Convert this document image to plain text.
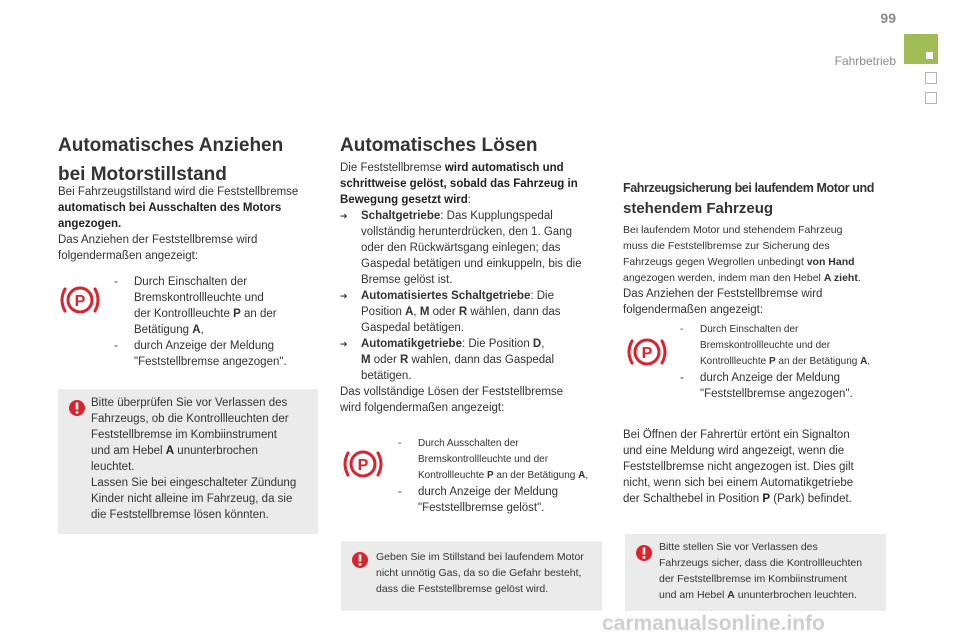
99
Fahrbetrieb
Automatisches Anziehen
bei Motorstillstand

Bei Fahrzeugstillstand wird die Feststellbremse

automatisch bei Ausschalten des Motors

angezogen.

Das Anziehen der Feststellbremse wird

folgendermaßen angezeigt:

P
-	Durch Einschalten der
Bremskontrollleuchte und
der Kontrollleuchte P an der
Betätigung A,
-	durch Anzeige der Meldung
"Feststellbremse angezogen".

Bitte überprüfen Sie vor Verlassen des

Fahrzeugs, ob die Kontrollleuchten der

Feststellbremse im Kombiinstrument

und am Hebel A ununterbrochen

leuchtet.

Lassen Sie bei eingeschalteter Zündung

Kinder nicht alleine im Fahrzeug, da sie

die Feststellbremse lösen könnten.

Automatisches Lösen

Die Feststellbremse wird automatisch und

schrittweise gelöst, sobald das Fahrzeug in

Bewegung gesetzt wird:

➔	Schaltgetriebe: Das Kupplungspedal
vollständig herunterdrücken, den 1. Gang
oder den Rückwärtsgang einlegen; das
Gaspedal betätigen und einkuppeln, bis die
Bremse gelöst ist.
➔	Automatisiertes Schaltgetriebe: Die
Position A, M oder R wählen, dann das
Gaspedal betätigen.
➔	Automatikgetriebe: Die Position D,
M oder R wahlen, dann das Gaspedal
betätigen.

Das vollständige Lösen der Feststellbremse

wird folgendermaßen angezeigt:

P
-	Durch Ausschalten der
Bremskontrollleuchte und der
Kontrollleuchte P an der Betätigung A,
-	durch Anzeige der Meldung
"Feststellbremse gelöst".

Geben Sie im Stillstand bei laufendem Motor

nicht unnötig Gas, da so die Gefahr besteht,

dass die Feststellbremse gelöst wird.

Fahrzeugsicherung bei laufendem Motor und
stehendem Fahrzeug

Bei laufendem Motor und stehendem Fahrzeug

muss die Feststellbremse zur Sicherung des

Fahrzeugs gegen Wegrollen unbedingt von Hand

angezogen werden, indem man den Hebel A zieht.

Das Anziehen der Feststellbremse wird

folgendermaßen angezeigt:

P
-	Durch Einschalten der
Bremskontrollleuchte und der
Kontrollleuchte P an der Betätigung A,
-	durch Anzeige der Meldung
"Feststellbremse angezogen".

Bei Öffnen der Fahrertür ertönt ein Signalton

und eine Meldung wird angezeigt, wenn die

Feststellbremse nicht angezogen ist. Dies gilt

nicht, wenn sich bei einem Automatikgetriebe

der Schalthebel in Position P (Park) befindet.

Bitte stellen Sie vor Verlassen des

Fahrzeugs sicher, dass die Kontrollleuchten

der Feststellbremse im Kombiinstrument

und am Hebel A ununterbrochen leuchten.

carmanualsonline.info
